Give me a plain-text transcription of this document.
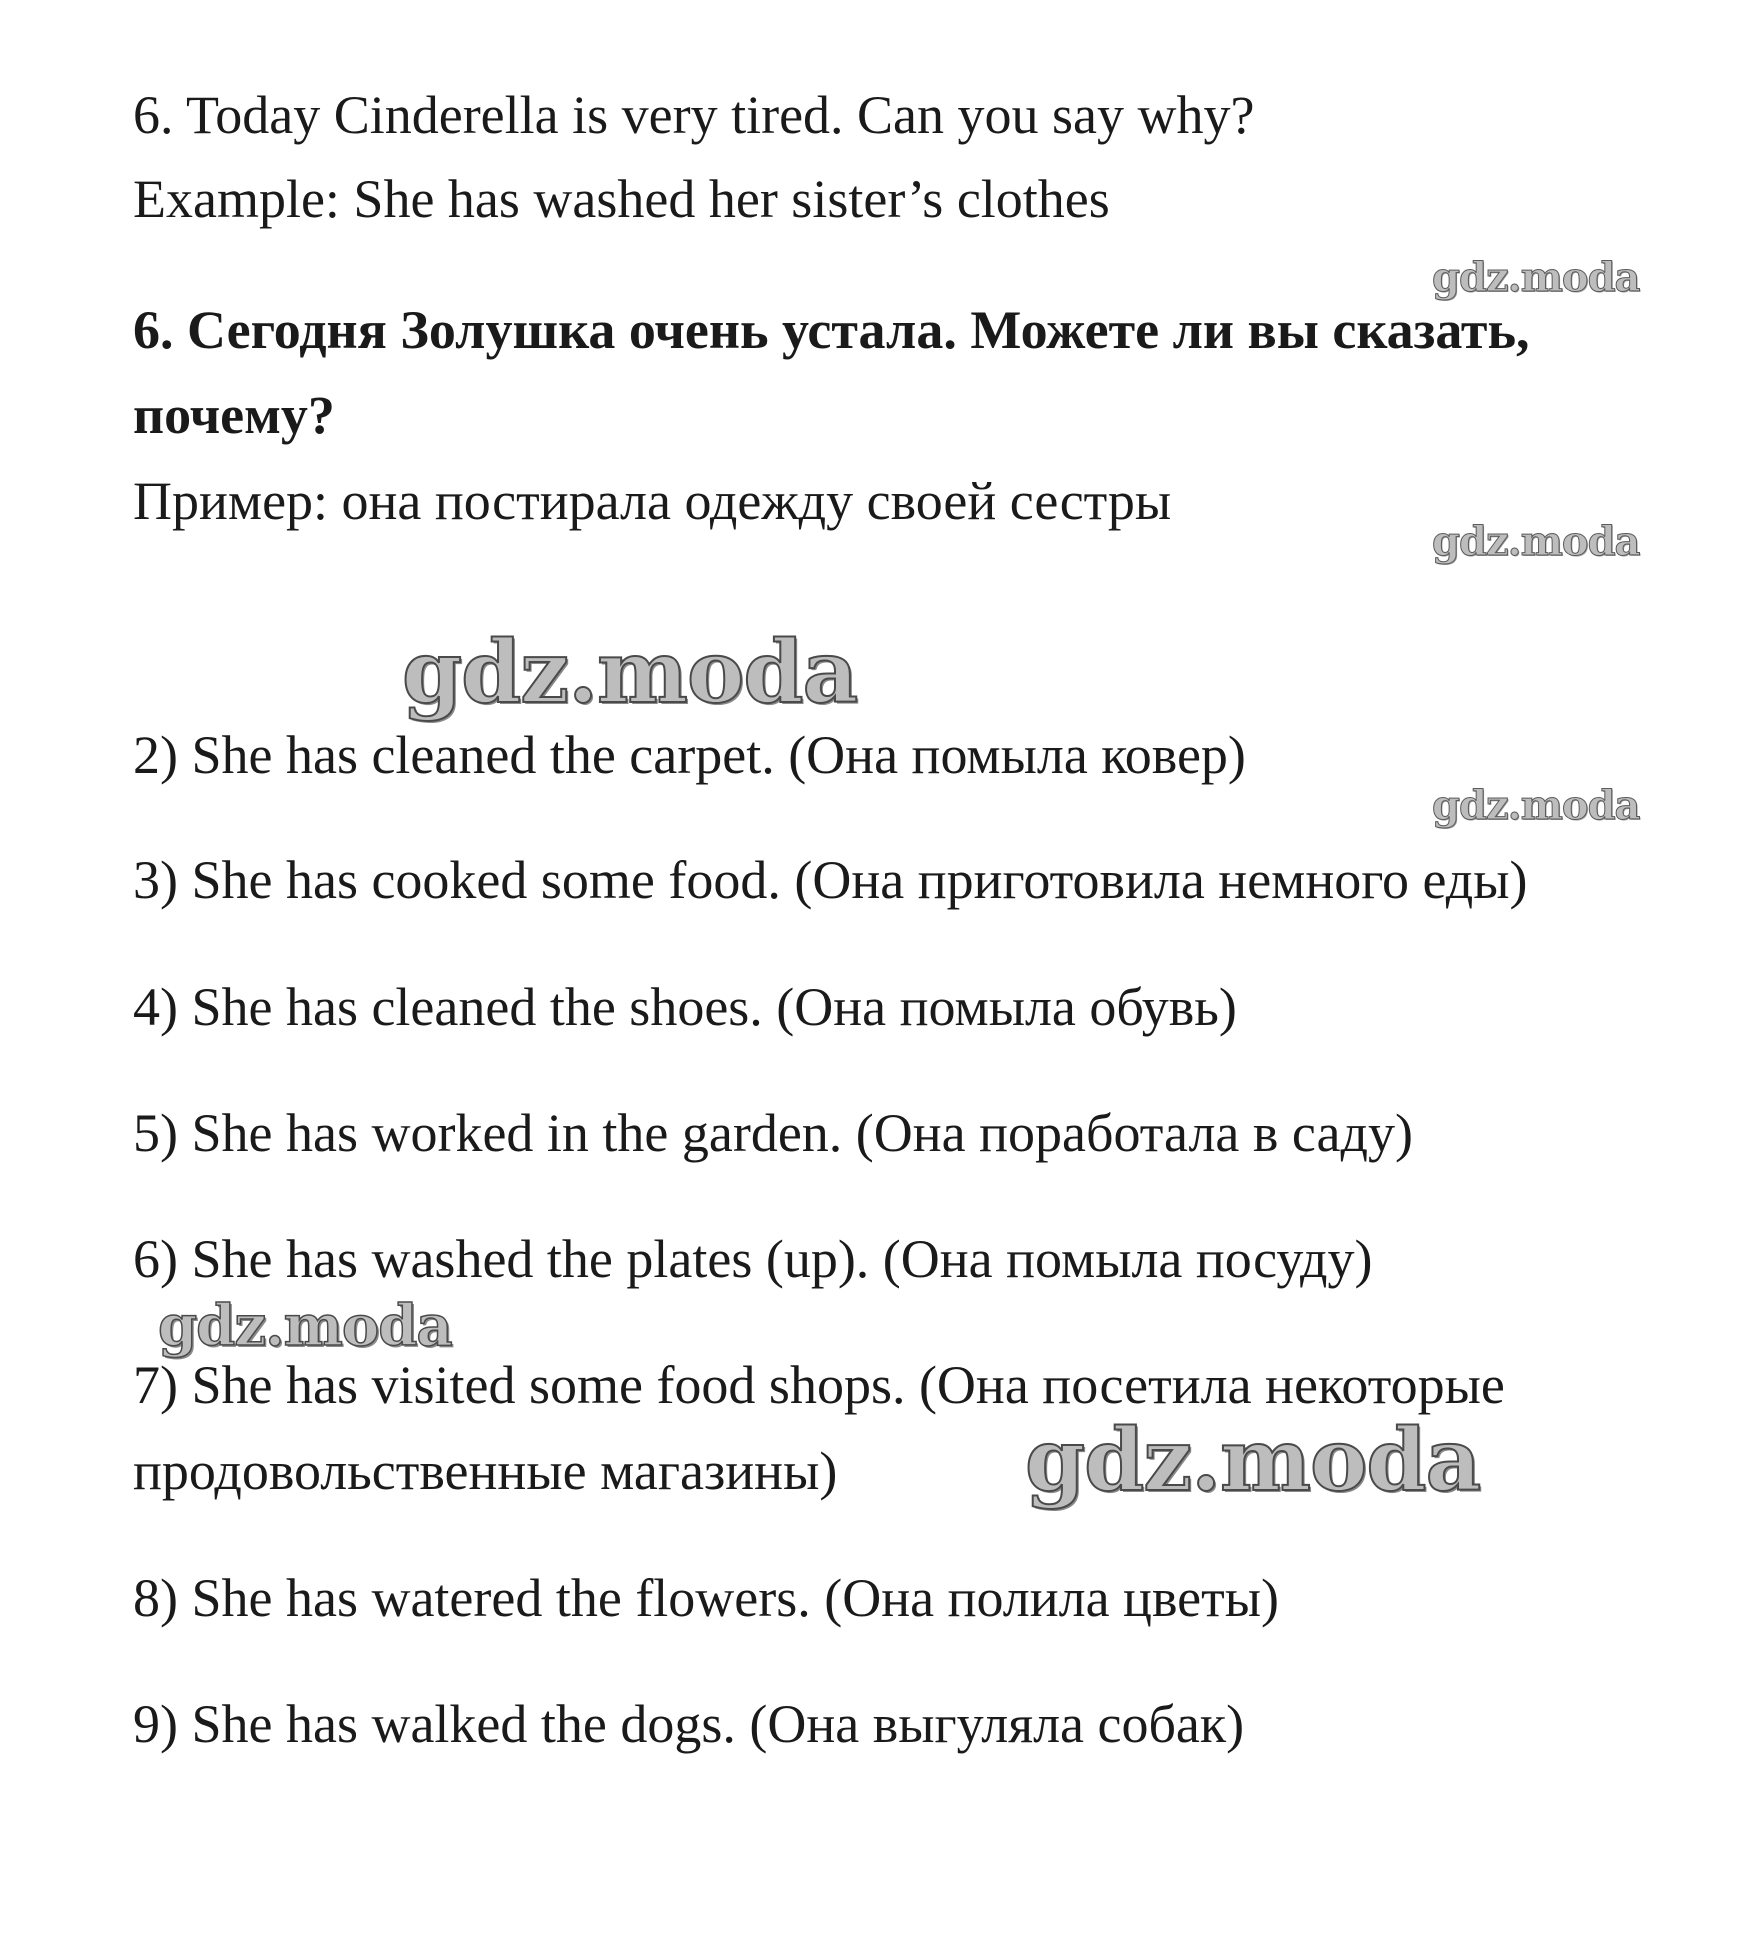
6. Today Cinderella is very tired. Can you say why?
Example: She has washed her sister’s clothes
6. Сегодня Золушка очень устала. Можете ли вы сказать,
почему?
Пример: она постирала одежду своей сестры
2) She has cleaned the carpet. (Она помыла ковер)
3) She has cooked some food. (Она приготовила немного еды)
4) She has cleaned the shoes. (Она помыла обувь)
5) She has worked in the garden. (Она поработала в саду)
6) She has washed the plates (up). (Она помыла посуду)
7) She has visited some food shops. (Она посетила некоторые
продовольственные магазины)
8) She has watered the flowers. (Она полила цветы)
9) She has walked the dogs. (Она выгуляла собак)
gdz.moda
gdz.moda
gdz.moda
gdz.moda
gdz.moda
gdz.moda
